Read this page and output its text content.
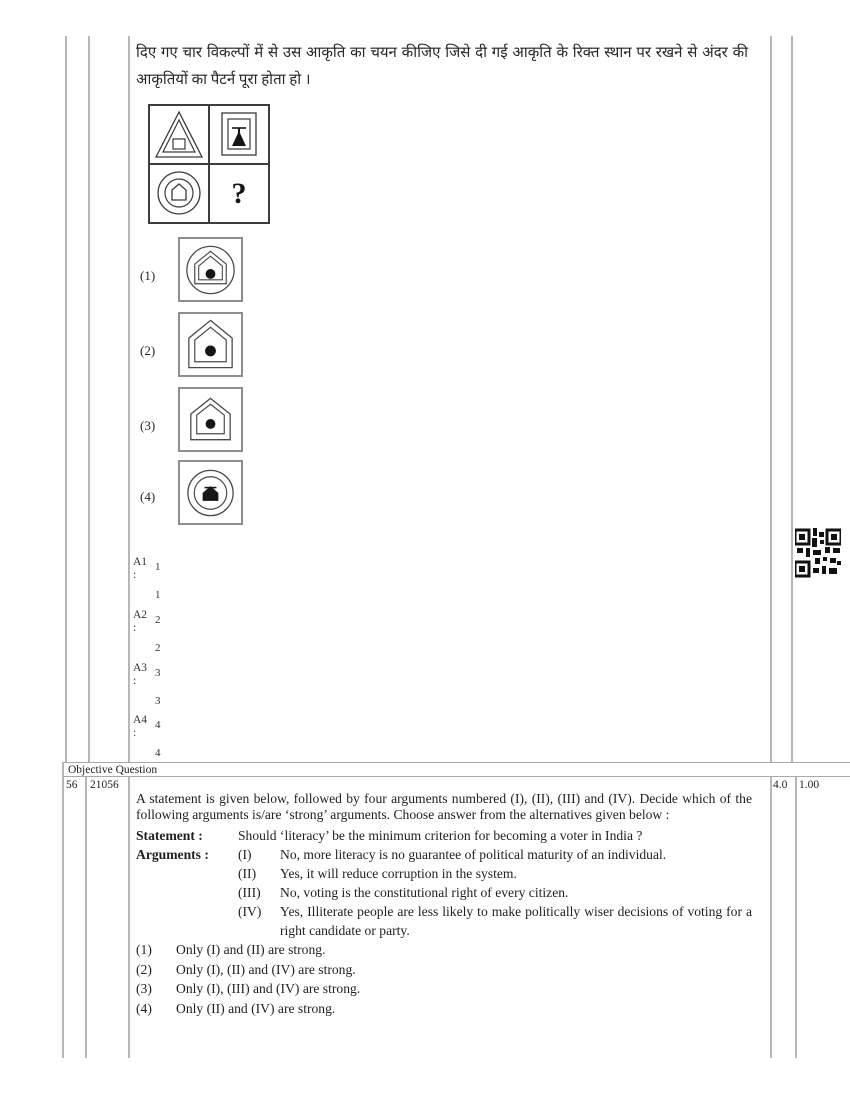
दिए गए चार विकल्पों में से उस आकृति का चयन कीजिए जिसे दी गई आकृति के रिक्त स्थान पर रखने से अंदर की आकृतियों का पैटर्न पूरा होता हो ।
?
(1)
(2)
(3)
(4)
A1
:
1
1
A2
:
2
2
A3
:
3
3
A4
:
4
4
Objective Question
56 21056	4.0 1.00

A statement is given below, followed by four arguments numbered (I), (II), (III) and (IV). Decide which of the following arguments is/are ‘strong’ arguments. Choose answer from the alternatives given below :

Statement :	Should ‘literacy’ be the minimum criterion for becoming a voter in India ?
Arguments :	(I)	No, more literacy is no guarantee of political maturity of an individual.
(II)	Yes, it will reduce corruption in the system.
(III)	No, voting is the constitutional right of every citizen.
(IV)	Yes, Illiterate people are less likely to make politically wiser decisions of voting for a right candidate or party.
(1)	Only (I) and (II) are strong.
(2)	Only (I), (II) and (IV) are strong.
(3)	Only (I), (III) and (IV) are strong.
(4)	Only (II) and (IV) are strong.
